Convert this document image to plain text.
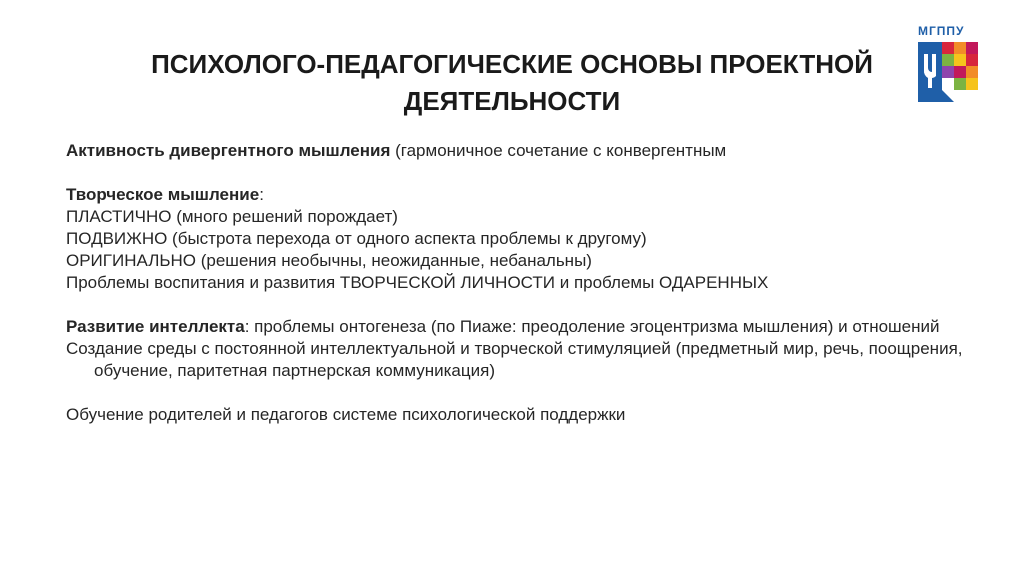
ПСИХОЛОГО-ПЕДАГОГИЧЕСКИЕ ОСНОВЫ ПРОЕКТНОЙ
ДЕЯТЕЛЬНОСТИ
МГППУ

Активность дивергентного мышления (гармоничное сочетание с конвергентным

Творческое мышление:

ПЛАСТИЧНО (много решений порождает)

ПОДВИЖНО (быстрота перехода от одного аспекта проблемы к другому)

ОРИГИНАЛЬНО (решения необычны, неожиданные, небанальны)

Проблемы воспитания и развития ТВОРЧЕСКОЙ ЛИЧНОСТИ и проблемы ОДАРЕННЫХ

Развитие интеллекта: проблемы онтогенеза (по Пиаже: преодоление эгоцентризма мышления) и отношений

Создание среды с постоянной интеллектуальной и творческой стимуляцией (предметный мир, речь, поощрения, обучение, паритетная партнерская коммуникация)

Обучение родителей и педагогов системе психологической поддержки
